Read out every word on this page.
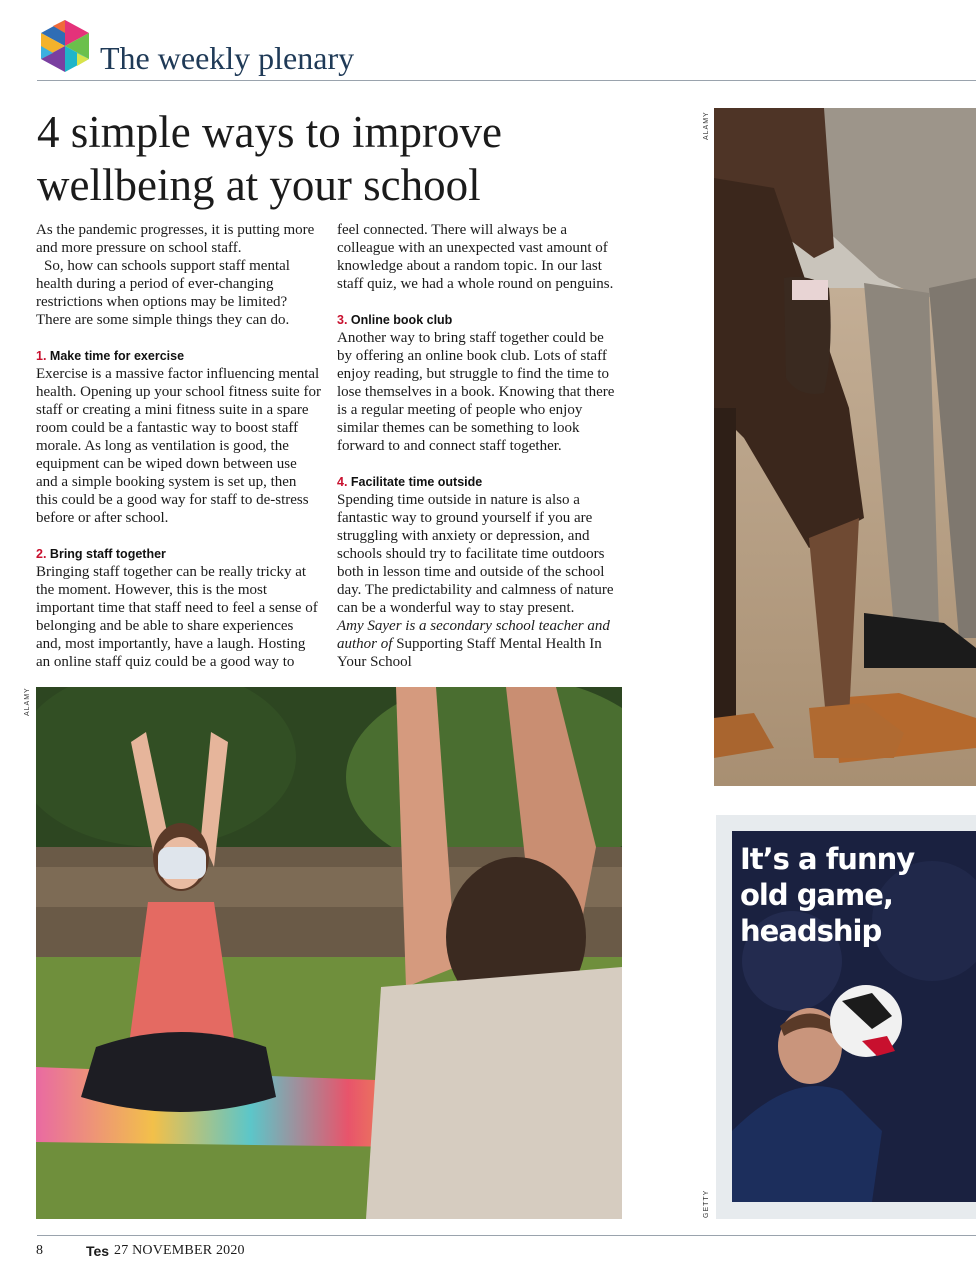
The weekly plenary
4 simple ways to improve
wellbeing at your school

As the pandemic progresses, it is putting more and more pressure on school staff.

So, how can schools support staff mental health during a period of ever-changing restrictions when options may be limited? There are some simple things they can do.

1. Make time for exercise

Exercise is a massive factor influencing mental health. Opening up your school fitness suite for staff or creating a mini fitness suite in a spare room could be a fantastic way to boost staff morale. As long as ventilation is good, the equipment can be wiped down between use and a simple booking system is set up, then this could be a good way for staff to de-stress before or after school.

2. Bring staff together

Bringing staff together can be really tricky at the moment. However, this is the most important time that staff need to feel a sense of belonging and be able to share experiences and, most importantly, have a laugh. Hosting an online staff quiz could be a good way to

feel connected. There will always be a colleague with an unexpected vast amount of knowledge about a random topic. In our last staff quiz, we had a whole round on penguins.

3. Online book club

Another way to bring staff together could be by offering an online book club. Lots of staff enjoy reading, but struggle to find the time to lose themselves in a book. Knowing that there is a regular meeting of people who enjoy similar themes can be something to look forward to and connect staff together.

4. Facilitate time outside

Spending time outside in nature is also a fantastic way to ground yourself if you are struggling with anxiety or depression, and schools should try to facilitate time outdoors both in lesson time and outside of the school day. The predictability and calmness of nature can be a wonderful way to stay present.

Amy Sayer is a secondary school teacher and author of Supporting Staff Mental Health In Your School

ALAMY
ALAMY
GETTY
It’s a funny old game, headship
8	Tes 27 NOVEMBER 2020
